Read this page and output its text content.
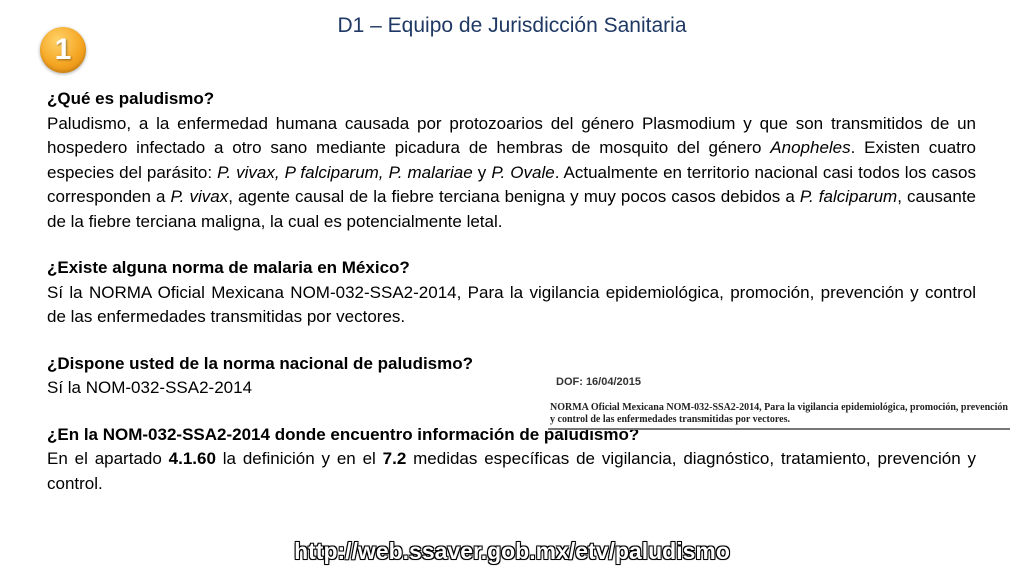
D1 – Equipo de Jurisdicción Sanitaria
1

¿Qué es paludismo?

Paludismo, a la enfermedad humana causada por protozoarios del género Plasmodium y que son transmitidos de un hospedero infectado a otro sano mediante picadura de hembras de mosquito del género Anopheles. Existen cuatro especies del parásito: P. vivax, P falciparum, P. malariae y P. Ovale. Actualmente en territorio nacional casi todos los casos corresponden a P. vivax, agente causal de la fiebre terciana benigna y muy pocos casos debidos a P. falciparum, causante de la fiebre terciana maligna, la cual es potencialmente letal.

¿Existe alguna norma de malaria en México?

Sí la NORMA Oficial Mexicana NOM-032-SSA2-2014, Para la vigilancia epidemiológica, promoción, prevención y control de las enfermedades transmitidas por vectores.

¿Dispone usted de la norma nacional de paludismo?

Sí la NOM-032-SSA2-2014

¿En la NOM-032-SSA2-2014 donde encuentro información de paludismo?

En el apartado 4.1.60 la definición y en el 7.2 medidas específicas de vigilancia, diagnóstico, tratamiento, prevención y control.

DOF: 16/04/2015
NORMA Oficial Mexicana NOM-032-SSA2-2014, Para la vigilancia epidemiológica, promoción, prevención y control de las enfermedades transmitidas por vectores.
http://web.ssaver.gob.mx/etv/paludismo
